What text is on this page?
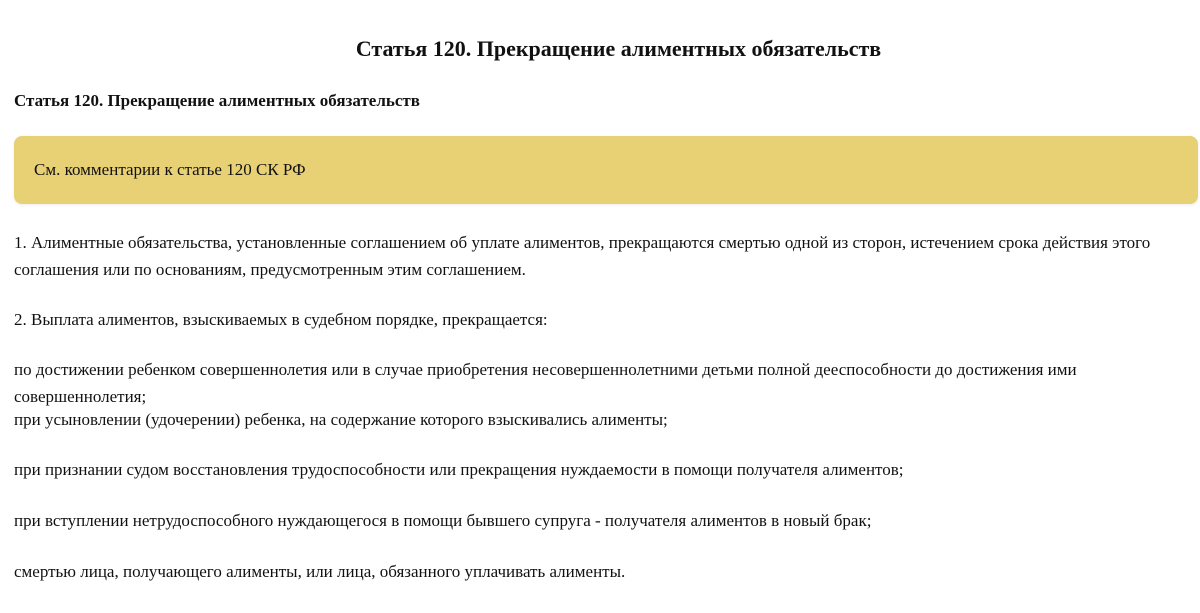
Статья 120. Прекращение алиментных обязательств
Статья 120. Прекращение алиментных обязательств
См. комментарии к статье 120 СК РФ

1. Алиментные обязательства, установленные соглашением об уплате алиментов, прекращаются смертью одной из сторон, истечением срока действия этого соглашения или по основаниям, предусмотренным этим соглашением.

2. Выплата алиментов, взыскиваемых в судебном порядке, прекращается:

по достижении ребенком совершеннолетия или в случае приобретения несовершеннолетними детьми полной дееспособности до достижения ими совершеннолетия;

при усыновлении (удочерении) ребенка, на содержание которого взыскивались алименты;

при признании судом восстановления трудоспособности или прекращения нуждаемости в помощи получателя алиментов;

при вступлении нетрудоспособного нуждающегося в помощи бывшего супруга - получателя алиментов в новый брак;

смертью лица, получающего алименты, или лица, обязанного уплачивать алименты.
